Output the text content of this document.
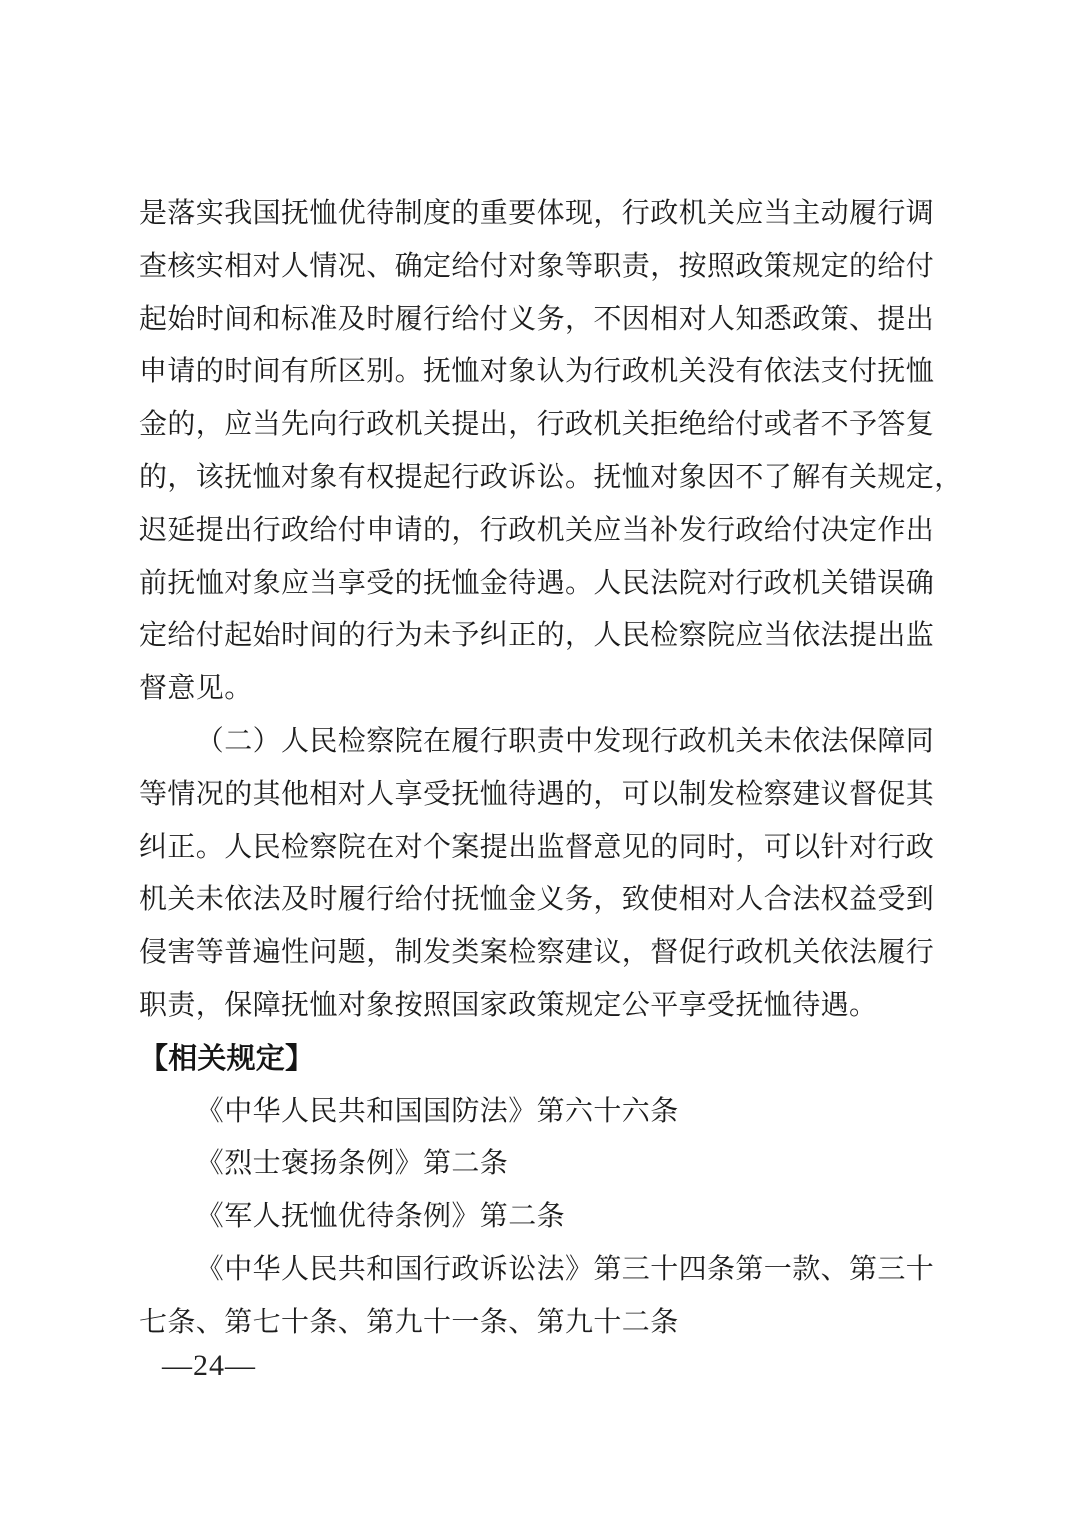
是落实我国抚恤优待制度的重要体现，行政机关应当主动履行调

查核实相对人情况、确定给付对象等职责，按照政策规定的给付

起始时间和标准及时履行给付义务，不因相对人知悉政策、提出

申请的时间有所区别。抚恤对象认为行政机关没有依法支付抚恤

金的，应当先向行政机关提出，行政机关拒绝给付或者不予答复

的，该抚恤对象有权提起行政诉讼。抚恤对象因不了解有关规定，

迟延提出行政给付申请的，行政机关应当补发行政给付决定作出

前抚恤对象应当享受的抚恤金待遇。人民法院对行政机关错误确

定给付起始时间的行为未予纠正的，人民检察院应当依法提出监

督意见。

（二）人民检察院在履行职责中发现行政机关未依法保障同

等情况的其他相对人享受抚恤待遇的，可以制发检察建议督促其

纠正。人民检察院在对个案提出监督意见的同时，可以针对行政

机关未依法及时履行给付抚恤金义务，致使相对人合法权益受到

侵害等普遍性问题，制发类案检察建议，督促行政机关依法履行

职责，保障抚恤对象按照国家政策规定公平享受抚恤待遇。

【相关规定】

《中华人民共和国国防法》第六十六条

《烈士褒扬条例》第二条

《军人抚恤优待条例》第二条

《中华人民共和国行政诉讼法》第三十四条第一款、第三十

七条、第七十条、第九十一条、第九十二条

—24—
